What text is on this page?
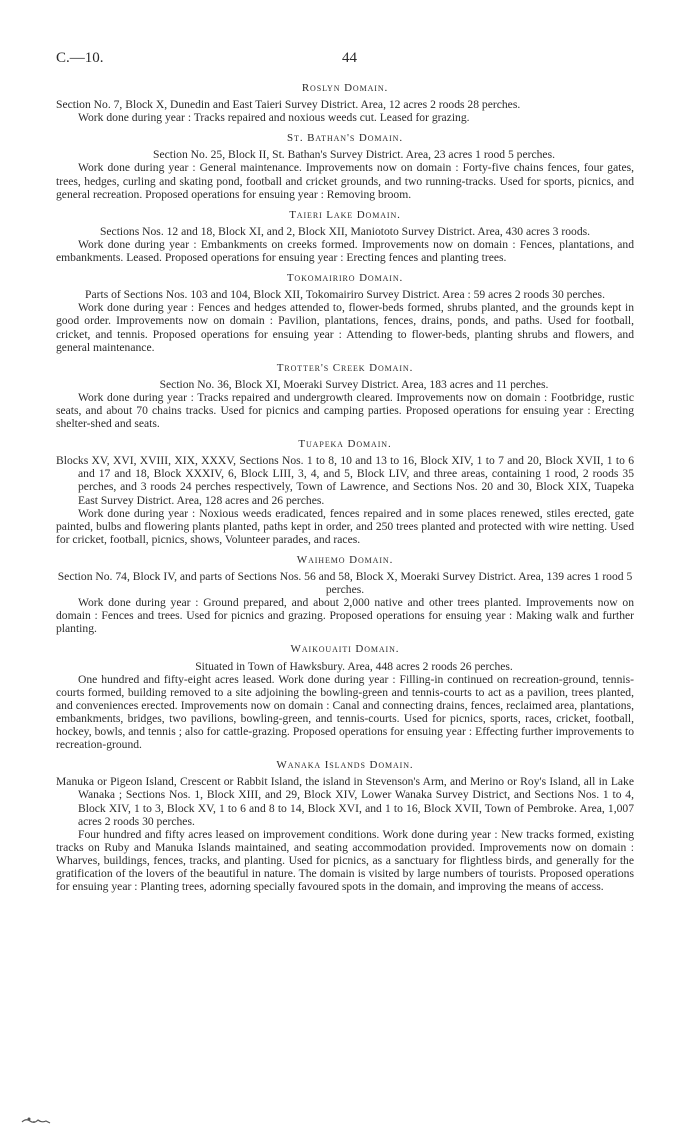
C.—10.	44
Roslyn Domain.

Section No. 7, Block X, Dunedin and East Taieri Survey District. Area, 12 acres 2 roods 28 perches.

Work done during year : Tracks repaired and noxious weeds cut. Leased for grazing.

St. Bathan's Domain.

Section No. 25, Block II, St. Bathan's Survey District. Area, 23 acres 1 rood 5 perches.

Work done during year : General maintenance. Improvements now on domain : Forty-five chains fences, four gates, trees, hedges, curling and skating pond, football and cricket grounds, and two running-tracks. Used for sports, picnics, and general recreation. Proposed operations for ensuing year : Removing broom.

Taieri Lake Domain.

Sections Nos. 12 and 18, Block XI, and 2, Block XII, Maniototo Survey District. Area, 430 acres 3 roods.

Work done during year : Embankments on creeks formed. Improvements now on domain : Fences, plantations, and embankments. Leased. Proposed operations for ensuing year : Erecting fences and planting trees.

Tokomairiro Domain.

Parts of Sections Nos. 103 and 104, Block XII, Tokomairiro Survey District. Area : 59 acres 2 roods 30 perches.

Work done during year : Fences and hedges attended to, flower-beds formed, shrubs planted, and the grounds kept in good order. Improvements now on domain : Pavilion, plantations, fences, drains, ponds, and paths. Used for football, cricket, and tennis. Proposed operations for ensuing year : Attending to flower-beds, planting shrubs and flowers, and general maintenance.

Trotter's Creek Domain.

Section No. 36, Block XI, Moeraki Survey District. Area, 183 acres and 11 perches.

Work done during year : Tracks repaired and undergrowth cleared. Improvements now on domain : Footbridge, rustic seats, and about 70 chains tracks. Used for picnics and camping parties. Proposed operations for ensuing year : Erecting shelter-shed and seats.

Tuapeka Domain.

Blocks XV, XVI, XVIII, XIX, XXXV, Sections Nos. 1 to 8, 10 and 13 to 16, Block XIV, 1 to 7 and 20, Block XVII, 1 to 6 and 17 and 18, Block XXXIV, 6, Block LIII, 3, 4, and 5, Block LIV, and three areas, containing 1 rood, 2 roods 35 perches, and 3 roods 24 perches respectively, Town of Lawrence, and Sections Nos. 20 and 30, Block XIX, Tuapeka East Survey District. Area, 128 acres and 26 perches.

Work done during year : Noxious weeds eradicated, fences repaired and in some places renewed, stiles erected, gate painted, bulbs and flowering plants planted, paths kept in order, and 250 trees planted and protected with wire netting. Used for cricket, football, picnics, shows, Volunteer parades, and races.

Waihemo Domain.

Section No. 74, Block IV, and parts of Sections Nos. 56 and 58, Block X, Moeraki Survey District. Area, 139 acres 1 rood 5 perches.

Work done during year : Ground prepared, and about 2,000 native and other trees planted. Improvements now on domain : Fences and trees. Used for picnics and grazing. Proposed operations for ensuing year : Making walk and further planting.

Waikouaiti Domain.

Situated in Town of Hawksbury. Area, 448 acres 2 roods 26 perches.

One hundred and fifty-eight acres leased. Work done during year : Filling-in continued on recreation-ground, tennis-courts formed, building removed to a site adjoining the bowling-green and tennis-courts to act as a pavilion, trees planted, and conveniences erected. Improvements now on domain : Canal and connecting drains, fences, reclaimed area, plantations, embankments, bridges, two pavilions, bowling-green, and tennis-courts. Used for picnics, sports, races, cricket, football, hockey, bowls, and tennis ; also for cattle-grazing. Proposed operations for ensuing year : Effecting further improvements to recreation-ground.

Wanaka Islands Domain.

Manuka or Pigeon Island, Crescent or Rabbit Island, the island in Stevenson's Arm, and Merino or Roy's Island, all in Lake Wanaka ; Sections Nos. 1, Block XIII, and 29, Block XIV, Lower Wanaka Survey District, and Sections Nos. 1 to 4, Block XIV, 1 to 3, Block XV, 1 to 6 and 8 to 14, Block XVI, and 1 to 16, Block XVII, Town of Pembroke. Area, 1,007 acres 2 roods 30 perches.

Four hundred and fifty acres leased on improvement conditions. Work done during year : New tracks formed, existing tracks on Ruby and Manuka Islands maintained, and seating accommodation provided. Improvements now on domain : Wharves, buildings, fences, tracks, and planting. Used for picnics, as a sanctuary for flightless birds, and generally for the gratification of the lovers of the beautiful in nature. The domain is visited by large numbers of tourists. Proposed operations for ensuing year : Planting trees, adorning specially favoured spots in the domain, and improving the means of access.
